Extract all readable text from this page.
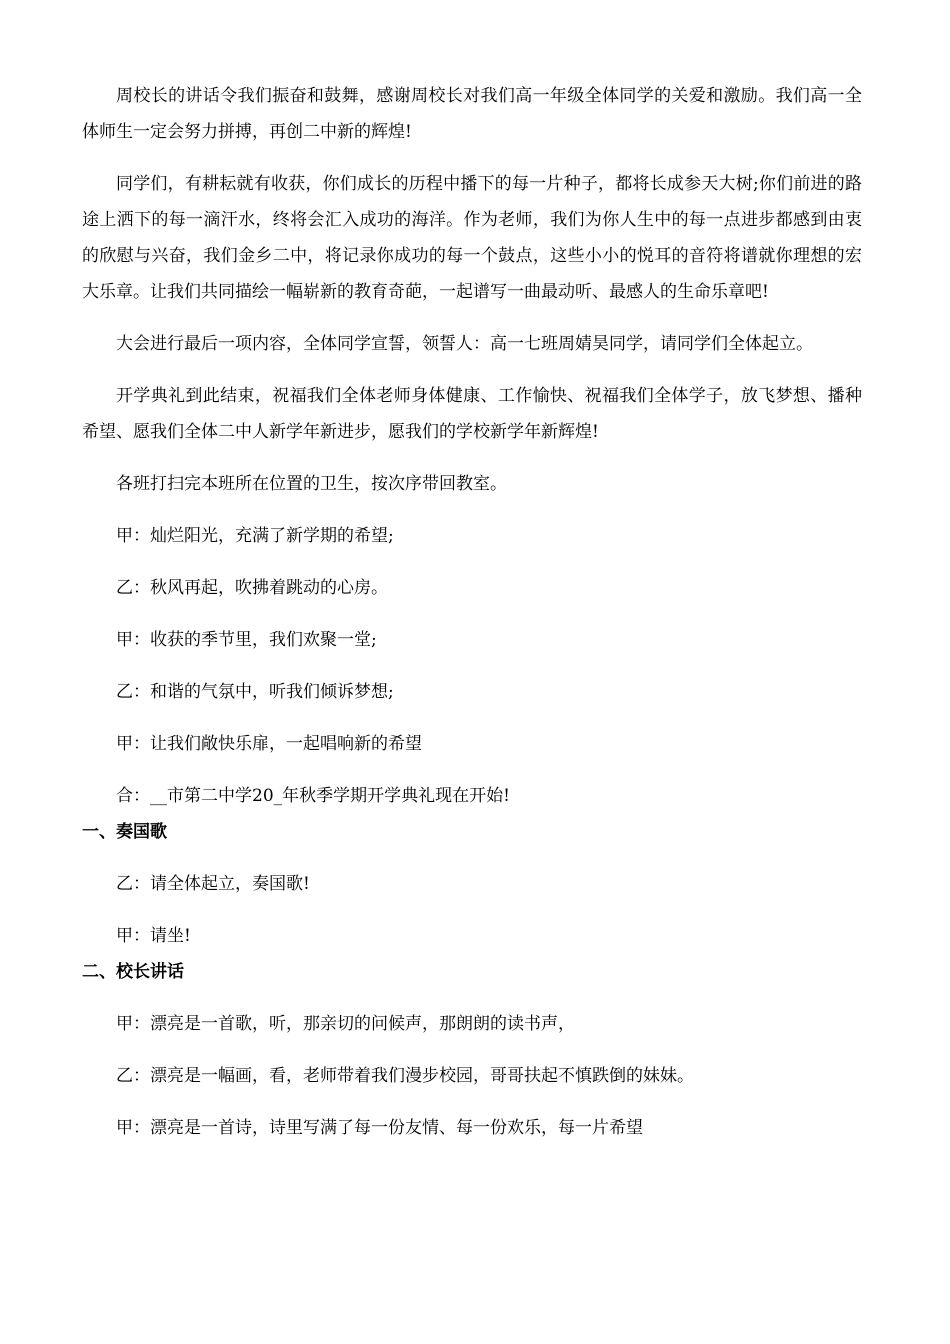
周校长的讲话令我们振奋和鼓舞，感谢周校长对我们高一年级全体同学的关爱和激励。我们高一全体师生一定会努力拼搏，再创二中新的辉煌!

同学们，有耕耘就有收获，你们成长的历程中播下的每一片种子，都将长成参天大树;你们前进的路途上洒下的每一滴汗水，终将会汇入成功的海洋。作为老师，我们为你人生中的每一点进步都感到由衷的欣慰与兴奋，我们金乡二中，将记录你成功的每一个鼓点，这些小小的悦耳的音符将谱就你理想的宏大乐章。让我们共同描绘一幅崭新的教育奇葩，一起谱写一曲最动听、最感人的生命乐章吧!

大会进行最后一项内容，全体同学宣誓，领誓人：高一七班周婧昊同学，请同学们全体起立。

开学典礼到此结束，祝福我们全体老师身体健康、工作愉快、祝福我们全体学子，放飞梦想、播种希望、愿我们全体二中人新学年新进步，愿我们的学校新学年新辉煌!

各班打扫完本班所在位置的卫生，按次序带回教室。

甲：灿烂阳光，充满了新学期的希望;

乙：秋风再起，吹拂着跳动的心房。

甲：收获的季节里，我们欢聚一堂;

乙：和谐的气氛中，听我们倾诉梦想;

甲：让我们敞快乐扉，一起唱响新的希望

合：__市第二中学20_年秋季学期开学典礼现在开始!

一、奏国歌

乙：请全体起立，奏国歌!

甲：请坐!

二、校长讲话

甲：漂亮是一首歌，听，那亲切的问候声，那朗朗的读书声，

乙：漂亮是一幅画，看，老师带着我们漫步校园，哥哥扶起不慎跌倒的妹妹。

甲：漂亮是一首诗，诗里写满了每一份友情、每一份欢乐，每一片希望
